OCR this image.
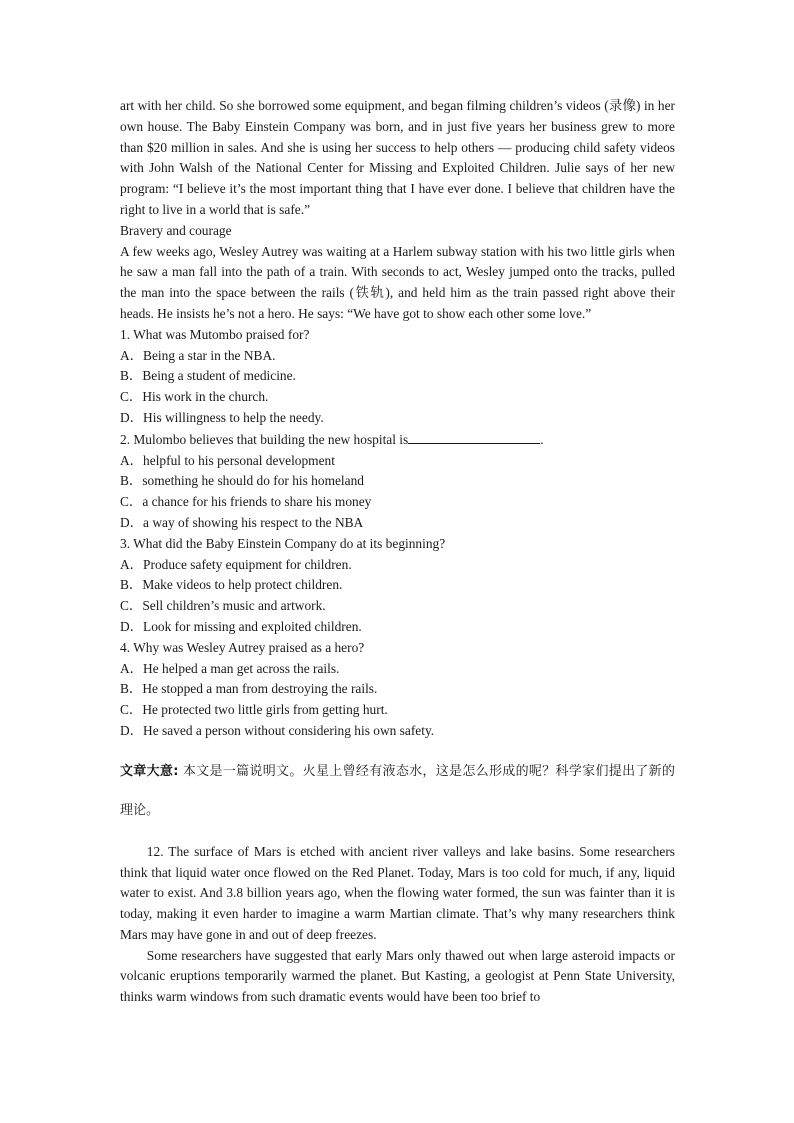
art with her child. So she borrowed some equipment, and began filming children’s videos (录像) in her own house. The Baby Einstein Company was born, and in just five years her business grew to more than $20 million in sales. And she is using her success to help others — producing child safety videos with John Walsh of the National Center for Missing and Exploited Children. Julie says of her new program: “I believe it’s the most important thing that I have ever done. I believe that children have the right to live in a world that is safe.”

Bravery and courage

A few weeks ago, Wesley Autrey was waiting at a Harlem subway station with his two little girls when he saw a man fall into the path of a train. With seconds to act, Wesley jumped onto the tracks, pulled the man into the space between the rails (铁轨), and held him as the train passed right above their heads. He insists he’s not a hero. He says: “We have got to show each other some love.”

1. What was Mutombo praised for?

A．Being a star in the NBA.

B．Being a student of medicine.

C．His work in the church.

D．His willingness to help the needy.

2. Mulombo believes that building the new hospital is	.

A．helpful to his personal development

B．something he should do for his homeland

C．a chance for his friends to share his money

D．a way of showing his respect to the NBA

3. What did the Baby Einstein Company do at its beginning?

A．Produce safety equipment for children.

B．Make videos to help protect children.

C．Sell children’s music and artwork.

D．Look for missing and exploited children.

4. Why was Wesley Autrey praised as a hero?

A．He helped a man get across the rails.

B．He stopped a man from destroying the rails.

C．He protected two little girls from getting hurt.

D．He saved a person without considering his own safety.

文章大意: 本文是一篇说明文。火星上曾经有液态水，这是怎么形成的呢？科学家们提出了新的理论。

12. The surface of Mars is etched with ancient river valleys and lake basins. Some researchers think that liquid water once flowed on the Red Planet. Today, Mars is too cold for much, if any, liquid water to exist. And 3.8 billion years ago, when the flowing water formed, the sun was fainter than it is today, making it even harder to imagine a warm Martian climate. That’s why many researchers think Mars may have gone in and out of deep freezes.

Some researchers have suggested that early Mars only thawed out when large asteroid impacts or volcanic eruptions temporarily warmed the planet. But Kasting, a geologist at Penn State University, thinks warm windows from such dramatic events would have been too brief to
